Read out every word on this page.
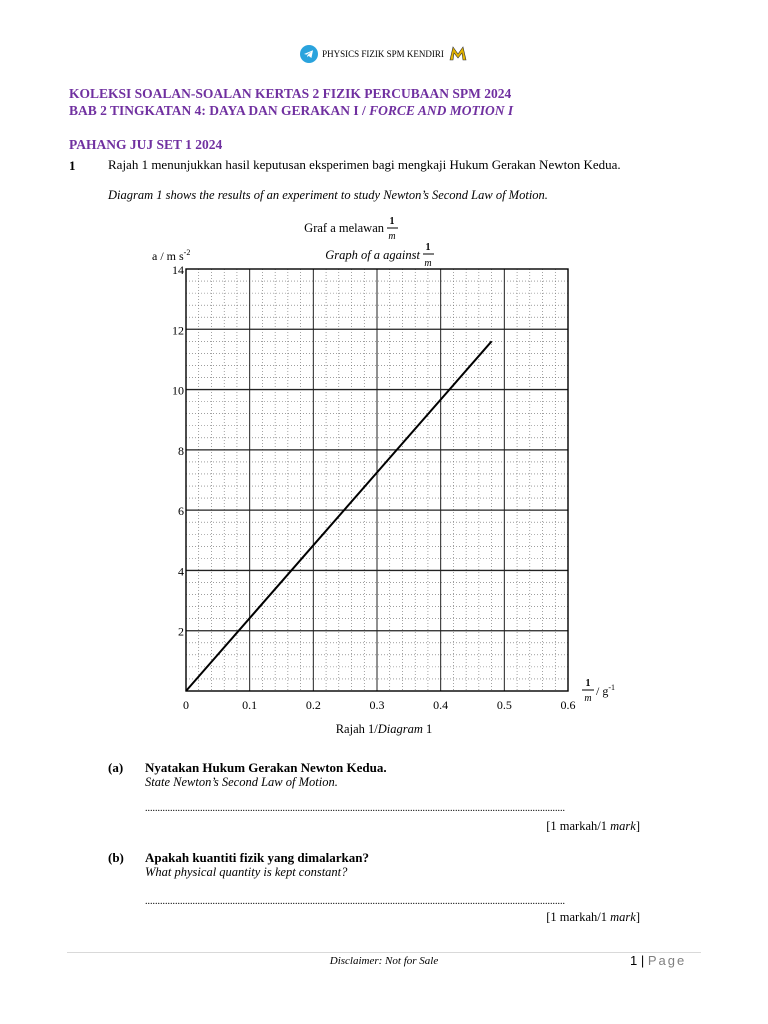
PHYSICS FIZIK SPM KENDIRI
KOLEKSI SOALAN-SOALAN KERTAS 2 FIZIK PERCUBAAN SPM 2024
BAB 2 TINGKATAN 4: DAYA DAN GERAKAN I / FORCE AND MOTION I
PAHANG JUJ SET 1 2024
1	Rajah 1 menunjukkan hasil keputusan eksperimen bagi mengkaji Hukum Gerakan Newton Kedua.
Diagram 1 shows the results of an experiment to study Newton’s Second Law of Motion.
0	0.1	0.2	0.3	0.4	0.5	0.6
2
4
6
8
10
12
14
Graf a melawan 1
m
Graph of a against
1
m
a / m $s^{-2}$
1
m
/ $g^{-1}$
Rajah 1/Diagram 1
(a) Nyatakan Hukum Gerakan Newton Kedua.
State Newton’s Second Law of Motion.
........................................................................................................................................................................
[1 markah/1 mark]
(b) Apakah kuantiti fizik yang dimalarkan?
What physical quantity is kept constant?
........................................................................................................................................................................
[1 markah/1 mark]
Disclaimer: Not for Sale	1 | Page
